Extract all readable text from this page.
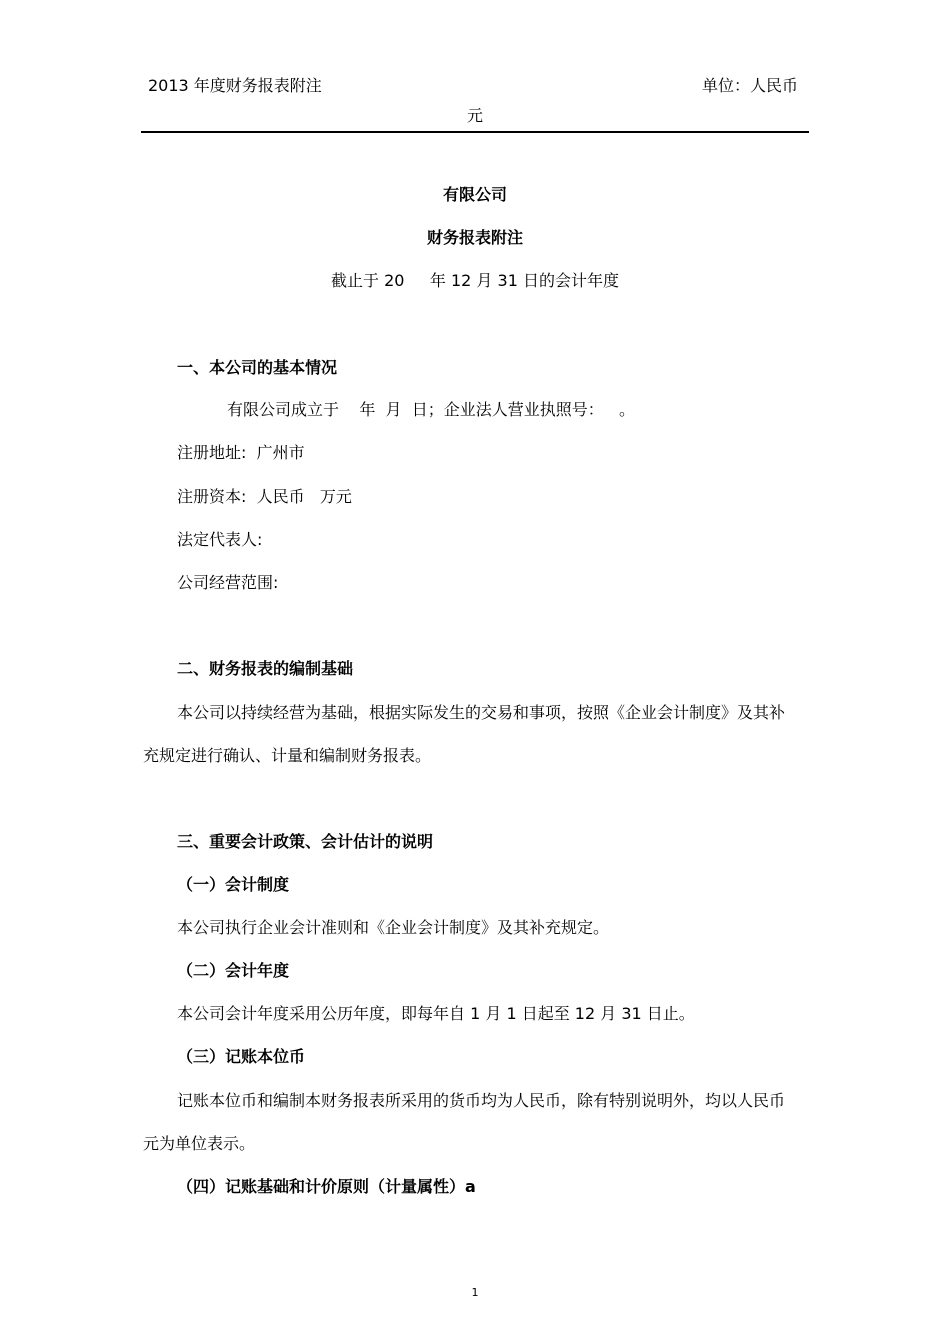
2013 年度财务报表附注	单位：人民币
元
有限公司
财务报表附注
截止于 20     年 12 月 31 日的会计年度
一、本公司的基本情况
有限公司成立于    年  月  日；企业法人营业执照号：   。
注册地址:  广州市
注册资本:  人民币   万元
法定代表人:
公司经营范围:
二、财务报表的编制基础
本公司以持续经营为基础，根据实际发生的交易和事项，按照《企业会计制度》及其补
充规定进行确认、计量和编制财务报表。
三、重要会计政策、会计估计的说明
（一）会计制度
本公司执行企业会计准则和《企业会计制度》及其补充规定。
（二）会计年度
本公司会计年度采用公历年度，即每年自 1 月 1 日起至 12 月 31 日止。
（三）记账本位币
记账本位币和编制本财务报表所采用的货币均为人民币，除有特别说明外，均以人民币
元为单位表示。
（四）记账基础和计价原则（计量属性）a
1
